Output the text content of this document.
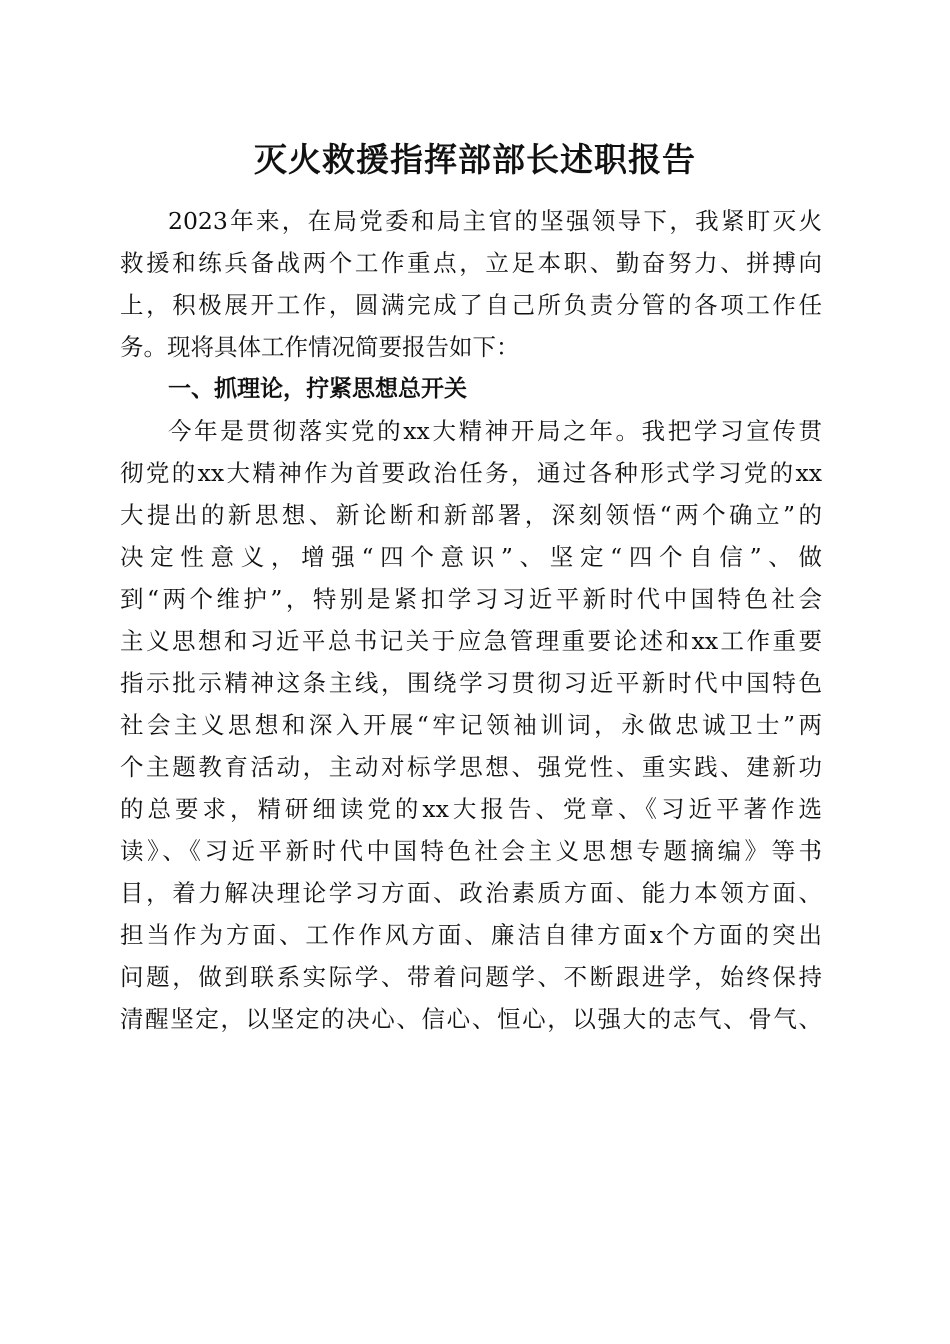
灭火救援指挥部部长述职报告
2023年来，在局党委和局主官的坚强领导下，我紧盯灭火
救援和练兵备战两个工作重点，立足本职、勤奋努力、拼搏向
上，积极展开工作，圆满完成了自己所负责分管的各项工作任
务。现将具体工作情况简要报告如下：
一、抓理论，拧紧思想总开关
今年是贯彻落实党的xx大精神开局之年。我把学习宣传贯
彻党的xx大精神作为首要政治任务，通过各种形式学习党的xx
大提出的新思想、新论断和新部署，深刻领悟“两个确立”的
决定性意义，增强“四个意识”、坚定“四个自信”、做
到“两个维护”，特别是紧扣学习习近平新时代中国特色社会
主义思想和习近平总书记关于应急管理重要论述和xx工作重要
指示批示精神这条主线，围绕学习贯彻习近平新时代中国特色
社会主义思想和深入开展“牢记领袖训词，永做忠诚卫士”两
个主题教育活动，主动对标学思想、强党性、重实践、建新功
的总要求，精研细读党的xx大报告、党章、《习近平著作选
读》、《习近平新时代中国特色社会主义思想专题摘编》等书
目，着力解决理论学习方面、政治素质方面、能力本领方面、
担当作为方面、工作作风方面、廉洁自律方面x个方面的突出
问题，做到联系实际学、带着问题学、不断跟进学，始终保持
清醒坚定，以坚定的决心、信心、恒心，以强大的志气、骨气、
